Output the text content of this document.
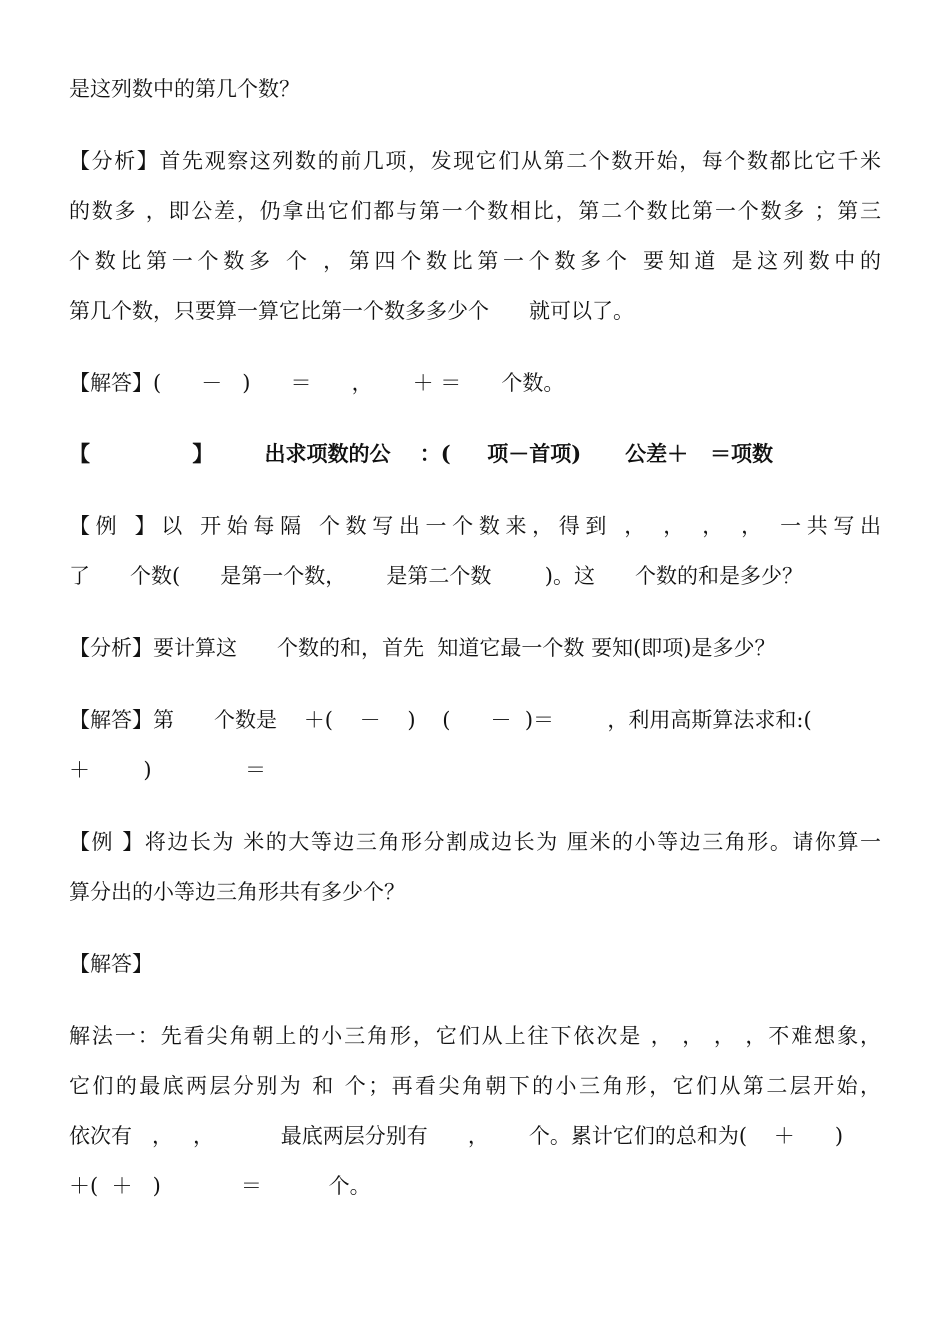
是这列数中的第几个数？
【分析】首先观察这列数的前几项，发现它们从第二个数开始，每个数都比它千米
的数多 ，即公差，仍拿出它们都与第一个数相比，第二个数比第一个数多 ；第三
个数比第一个数多 个 ，第四个数比第一个数多个 要知道 是这列数中的
第几个数，只要算一算它比第一个数多多少个      就可以了。
【解答】(      －   )      ＝      ，      ＋ ＝      个数。
【              】       出求项数的公    ：(     项－首项)      公差＋   ＝项数
【例 】以 开始每隔 个数写出一个数来，得到 ， ， ， ， 一共写出
了      个数(      是第一个数，      是第二个数        )。这      个数的和是多少？
【分析】要计算这      个数的和，首先  知道它最一个数 要知(即项)是多少？
【解答】第      个数是    ＋(    －    )    (      －  )＝        ，利用高斯算法求和:(
＋        )              ＝
【例 】将边长为 米的大等边三角形分割成边长为 厘米的小等边三角形。请你算一
算分出的小等边三角形共有多少个？
【解答】
解法一：先看尖角朝上的小三角形，它们从上往下依次是 ， ， ， ，不难想象，
它们的最底两层分别为 和 个；再看尖角朝下的小三角形，它们从第二层开始，
依次有   ，   ，          最底两层分别有      ，      个。累计它们的总和为(    ＋      )
＋(  ＋   )            ＝          个。
